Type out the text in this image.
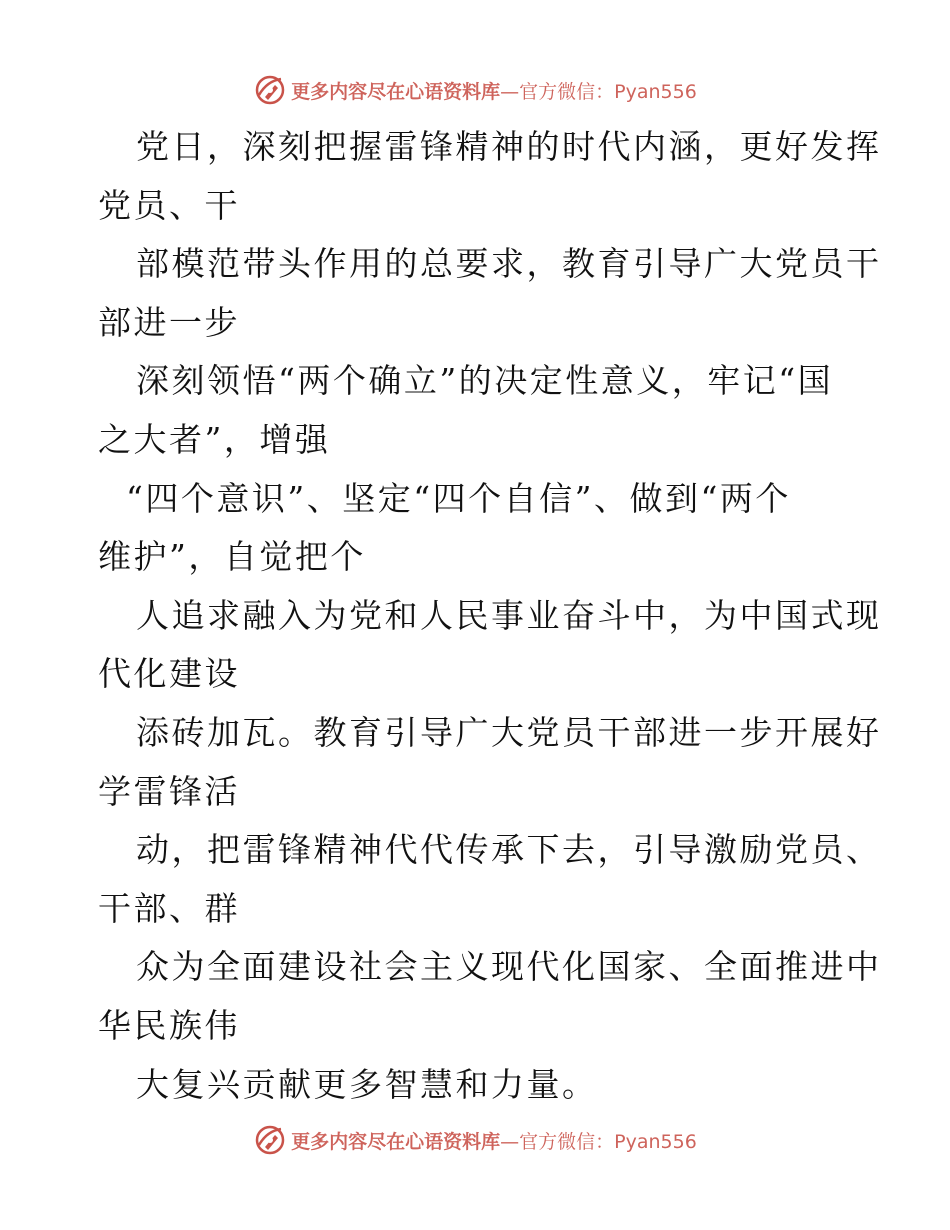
更多内容尽在心语资料库—官方微信：Pyan556
党日，深刻把握雷锋精神的时代内涵，更好发挥
党员、干
部模范带头作用的总要求，教育引导广大党员干
部进一步
深刻领悟“两个确立”的决定性意义，牢记“国
之大者”，增强
“四个意识”、坚定“四个自信”、做到“两个
维护”，自觉把个
人追求融入为党和人民事业奋斗中，为中国式现
代化建设
添砖加瓦。教育引导广大党员干部进一步开展好
学雷锋活
动，把雷锋精神代代传承下去，引导激励党员、
干部、群
众为全面建设社会主义现代化国家、全面推进中
华民族伟
大复兴贡献更多智慧和力量。
更多内容尽在心语资料库—官方微信：Pyan556
